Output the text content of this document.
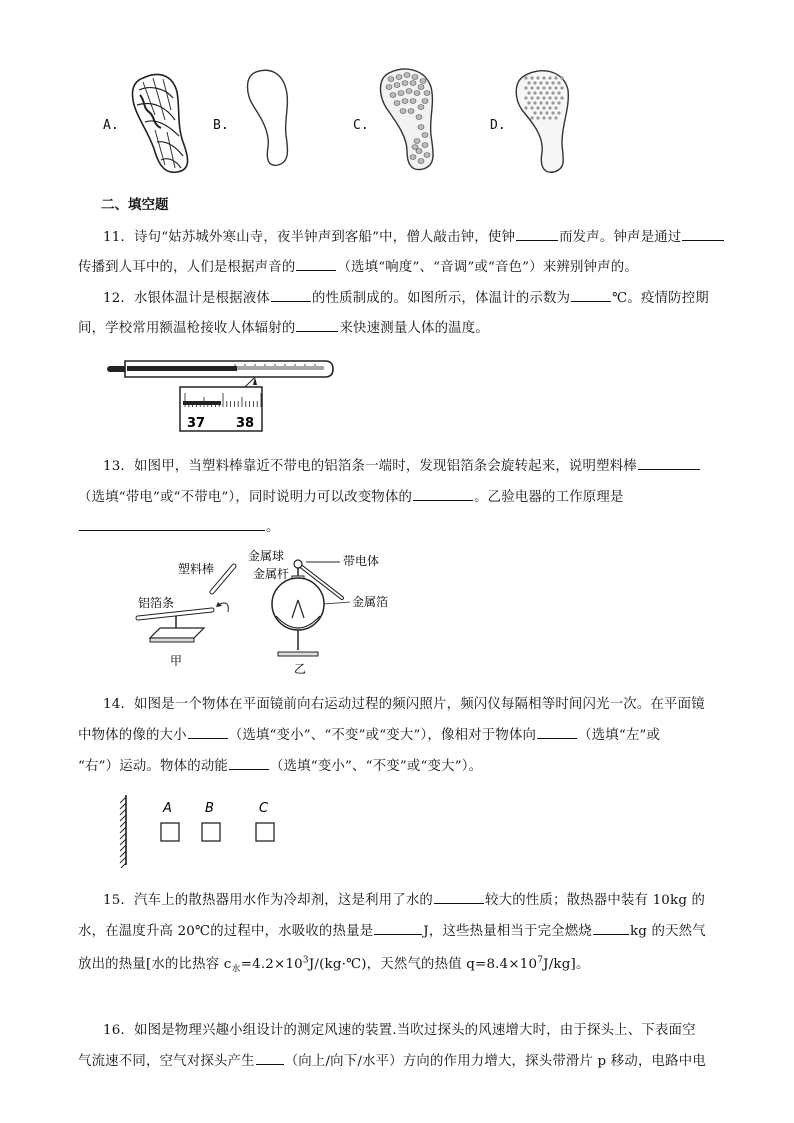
A.	B.	C.	D.
二、填空题
11．诗句“姑苏城外寒山寺，夜半钟声到客船”中，僧人敲击钟，使钟	而发声。钟声是通过
传播到人耳中的，人们是根据声音的	（选填“响度”、“音调”或“音色”）来辨别钟声的。
12．水银体温计是根据液体	的性质制成的。如图所示，体温计的示数为	℃。疫情防控期
间，学校常用额温枪接收人体辐射的	来快速测量人体的温度。
37 38
13．如图甲，当塑料棒靠近不带电的铝箔条一端时，发现铝箔条会旋转起来，说明塑料棒
（选填“带电”或“不带电”），同时说明力可以改变物体的	。乙验电器的工作原理是
。
塑料棒
铝箔条
甲
金属球	带电体
金属杆
金属箔
乙
14．如图是一个物体在平面镜前向右运动过程的频闪照片，频闪仪每隔相等时间闪光一次。在平面镜
中物体的像的大小	（选填“变小”、“不变”或“变大”），像相对于物体向	（选填“左”或
“右”）运动。物体的动能	（选填“变小”、“不变”或“变大”）。
A	B	C
15．汽车上的散热器用水作为冷却剂，这是利用了水的	较大的性质；散热器中装有 10kg 的
水，在温度升高 20℃的过程中，水吸收的热量是	J，这些热量相当于完全燃烧	kg 的天然气
放出的热量[水的比热容 $c_水=4.2\times 10^3J/(kg\cdot℃)$，天然气的热值 $q=8.4\times 10^7J/kg$]。
16．如图是物理兴趣小组设计的测定风速的装置.当吹过探头的风速增大时，由于探头上、下表面空
气流速不同，空气对探头产生 （向上/向下/水平）方向的作用力增大，探头带滑片 p 移动，电路中电
